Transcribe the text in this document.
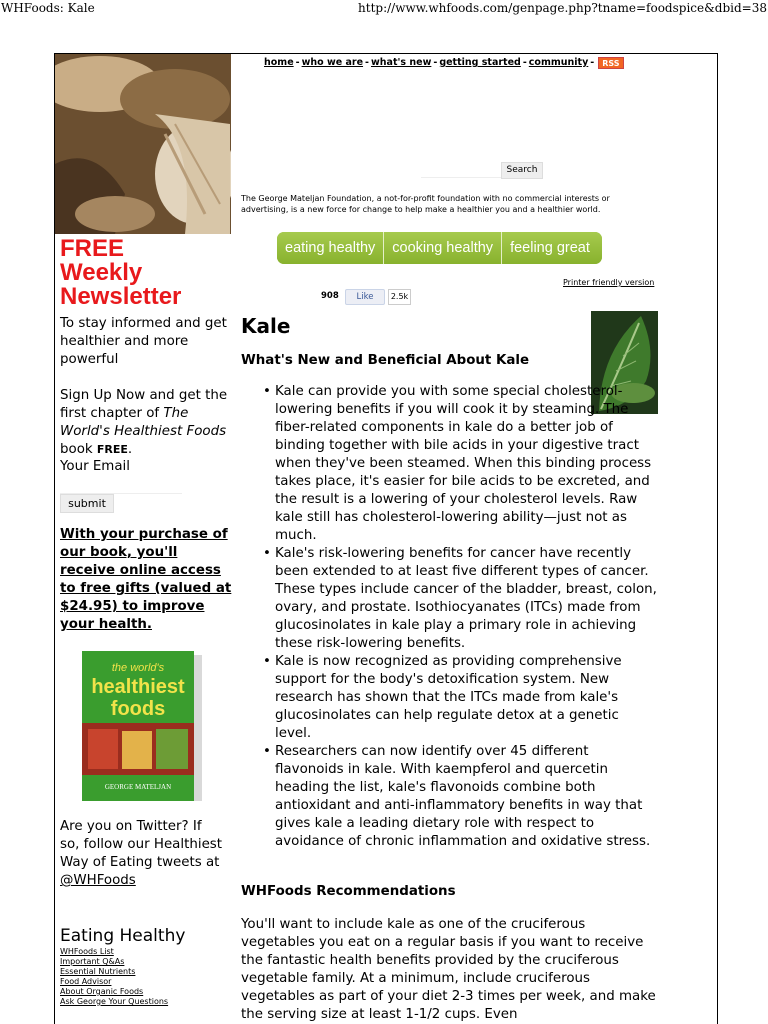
WHFoods: Kale	http://www.whfoods.com/genpage.php?tname=foodspice&dbid=38
FREE
Weekly
Newsletter
To stay informed and get healthier and more powerful
Sign Up Now and get the first chapter of The World's Healthiest Foods book FREE.
Your Email
submit
With your purchase of our book, you'll receive online access to free gifts (valued at $24.95) to improve your health.
the world's
healthiest
foods
GEORGE MATELJAN
Are you on Twitter? If so, follow our Healthiest Way of Eating tweets at @WHFoods
Eating Healthy
WHFoods List
Important Q&As
Essential Nutrients
Food Advisor
About Organic Foods
Ask George Your Questions
home - who we are - what's new - getting started - community - RSS
Search
The George Mateljan Foundation, a not-for-profit foundation with no commercial interests or advertising, is a new force for change to help make a healthier you and a healthier world.
eating healthy	cooking healthy	feeling great
Printer friendly version
908	Like	2.5k
Kale
What's New and Beneficial About Kale
• Kale can provide you with some special cholesterol-lowering benefits if you will cook it by steaming. The fiber-related components in kale do a better job of binding together with bile acids in your digestive tract when they've been steamed. When this binding process takes place, it's easier for bile acids to be excreted, and the result is a lowering of your cholesterol levels. Raw kale still has cholesterol-lowering ability—just not as much.
• Kale's risk-lowering benefits for cancer have recently been extended to at least five different types of cancer. These types include cancer of the bladder, breast, colon, ovary, and prostate. Isothiocyanates (ITCs) made from glucosinolates in kale play a primary role in achieving these risk-lowering benefits.
• Kale is now recognized as providing comprehensive support for the body's detoxification system. New research has shown that the ITCs made from kale's glucosinolates can help regulate detox at a genetic level.
• Researchers can now identify over 45 different flavonoids in kale. With kaempferol and quercetin heading the list, kale's flavonoids combine both antioxidant and anti-inflammatory benefits in way that gives kale a leading dietary role with respect to avoidance of chronic inflammation and oxidative stress.
WHFoods Recommendations
You'll want to include kale as one of the cruciferous vegetables you eat on a regular basis if you want to receive the fantastic health benefits provided by the cruciferous vegetable family. At a minimum, include cruciferous vegetables as part of your diet 2-3 times per week, and make the serving size at least 1-1/2 cups. Even
